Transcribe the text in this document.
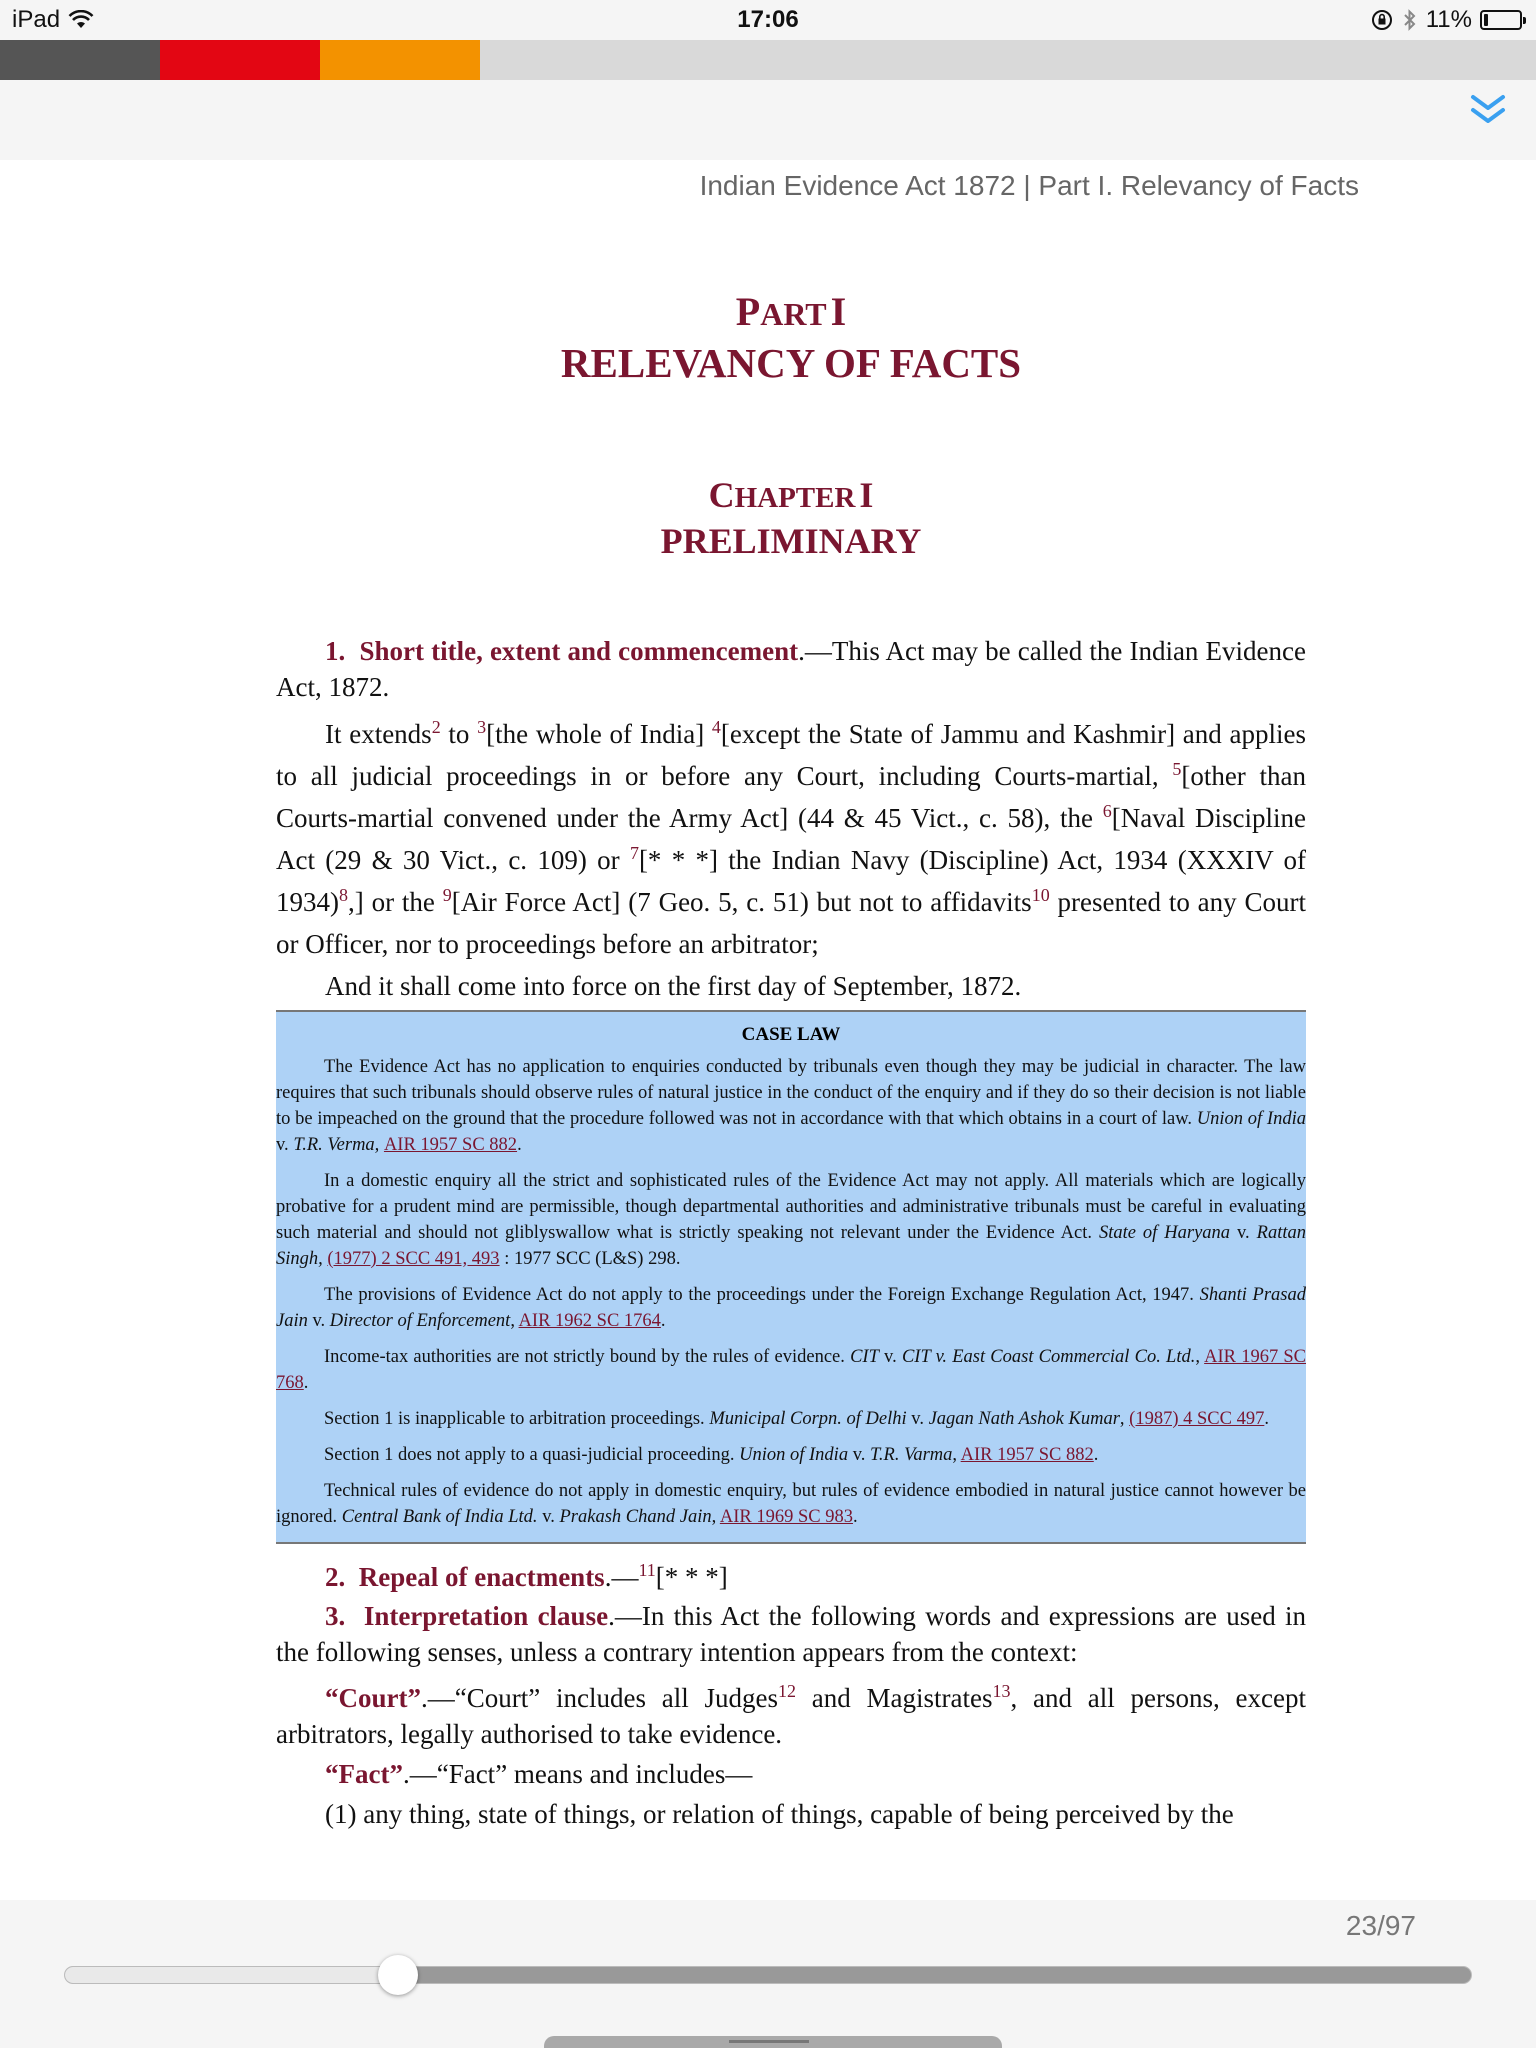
iPad	17:06	11%
Indian Evidence Act 1872 | Part I. Relevancy of Facts
PART I
RELEVANCY OF FACTS
CHAPTER I
PRELIMINARY

1. Short title, extent and commencement.—This Act may be called the Indian Evidence Act, 1872.

It extends$^2$ to $^3$[the whole of India] $^4$[except the State of Jammu and Kashmir] and applies to all judicial proceedings in or before any Court, including Courts-martial, $^5$[other than Courts-martial convened under the Army Act] (44 & 45 Vict., c. 58), the $^6$[Naval Discipline Act (29 & 30 Vict., c. 109) or $^7$[* * *] the Indian Navy (Discipline) Act, 1934 (XXXIV of 1934)$^8$,] or the $^9$[Air Force Act] (7 Geo. 5, c. 51) but not to affidavits$^{10}$ presented to any Court or Officer, nor to proceedings before an arbitrator;

And it shall come into force on the first day of September, 1872.

CASE LAW

The Evidence Act has no application to enquiries conducted by tribunals even though they may be judicial in character. The law requires that such tribunals should observe rules of natural justice in the conduct of the enquiry and if they do so their decision is not liable to be impeached on the ground that the procedure followed was not in accordance with that which obtains in a court of law. Union of India v. T.R. Verma, AIR 1957 SC 882.

In a domestic enquiry all the strict and sophisticated rules of the Evidence Act may not apply. All materials which are logically probative for a prudent mind are permissible, though departmental authorities and administrative tribunals must be careful in evaluating such material and should not gliblyswallow what is strictly speaking not relevant under the Evidence Act. State of Haryana v. Rattan Singh, (1977) 2 SCC 491, 493 : 1977 SCC (L&S) 298.

The provisions of Evidence Act do not apply to the proceedings under the Foreign Exchange Regulation Act, 1947. Shanti Prasad Jain v. Director of Enforcement, AIR 1962 SC 1764.

Income-tax authorities are not strictly bound by the rules of evidence. CIT v. CIT v. East Coast Commercial Co. Ltd., AIR 1967 SC 768.

Section 1 is inapplicable to arbitration proceedings. Municipal Corpn. of Delhi v. Jagan Nath Ashok Kumar, (1987) 4 SCC 497.

Section 1 does not apply to a quasi-judicial proceeding. Union of India v. T.R. Varma, AIR 1957 SC 882.

Technical rules of evidence do not apply in domestic enquiry, but rules of evidence embodied in natural justice cannot however be ignored. Central Bank of India Ltd. v. Prakash Chand Jain, AIR 1969 SC 983.

2. Repeal of enactments.—$^{11}$[* * *]

3. Interpretation clause.—In this Act the following words and expressions are used in the following senses, unless a contrary intention appears from the context:

“Court”.—“Court” includes all Judges$^{12}$ and Magistrates$^{13}$, and all persons, except arbitrators, legally authorised to take evidence.

“Fact”.—“Fact” means and includes—

(1) any thing, state of things, or relation of things, capable of being perceived by the

23/97
